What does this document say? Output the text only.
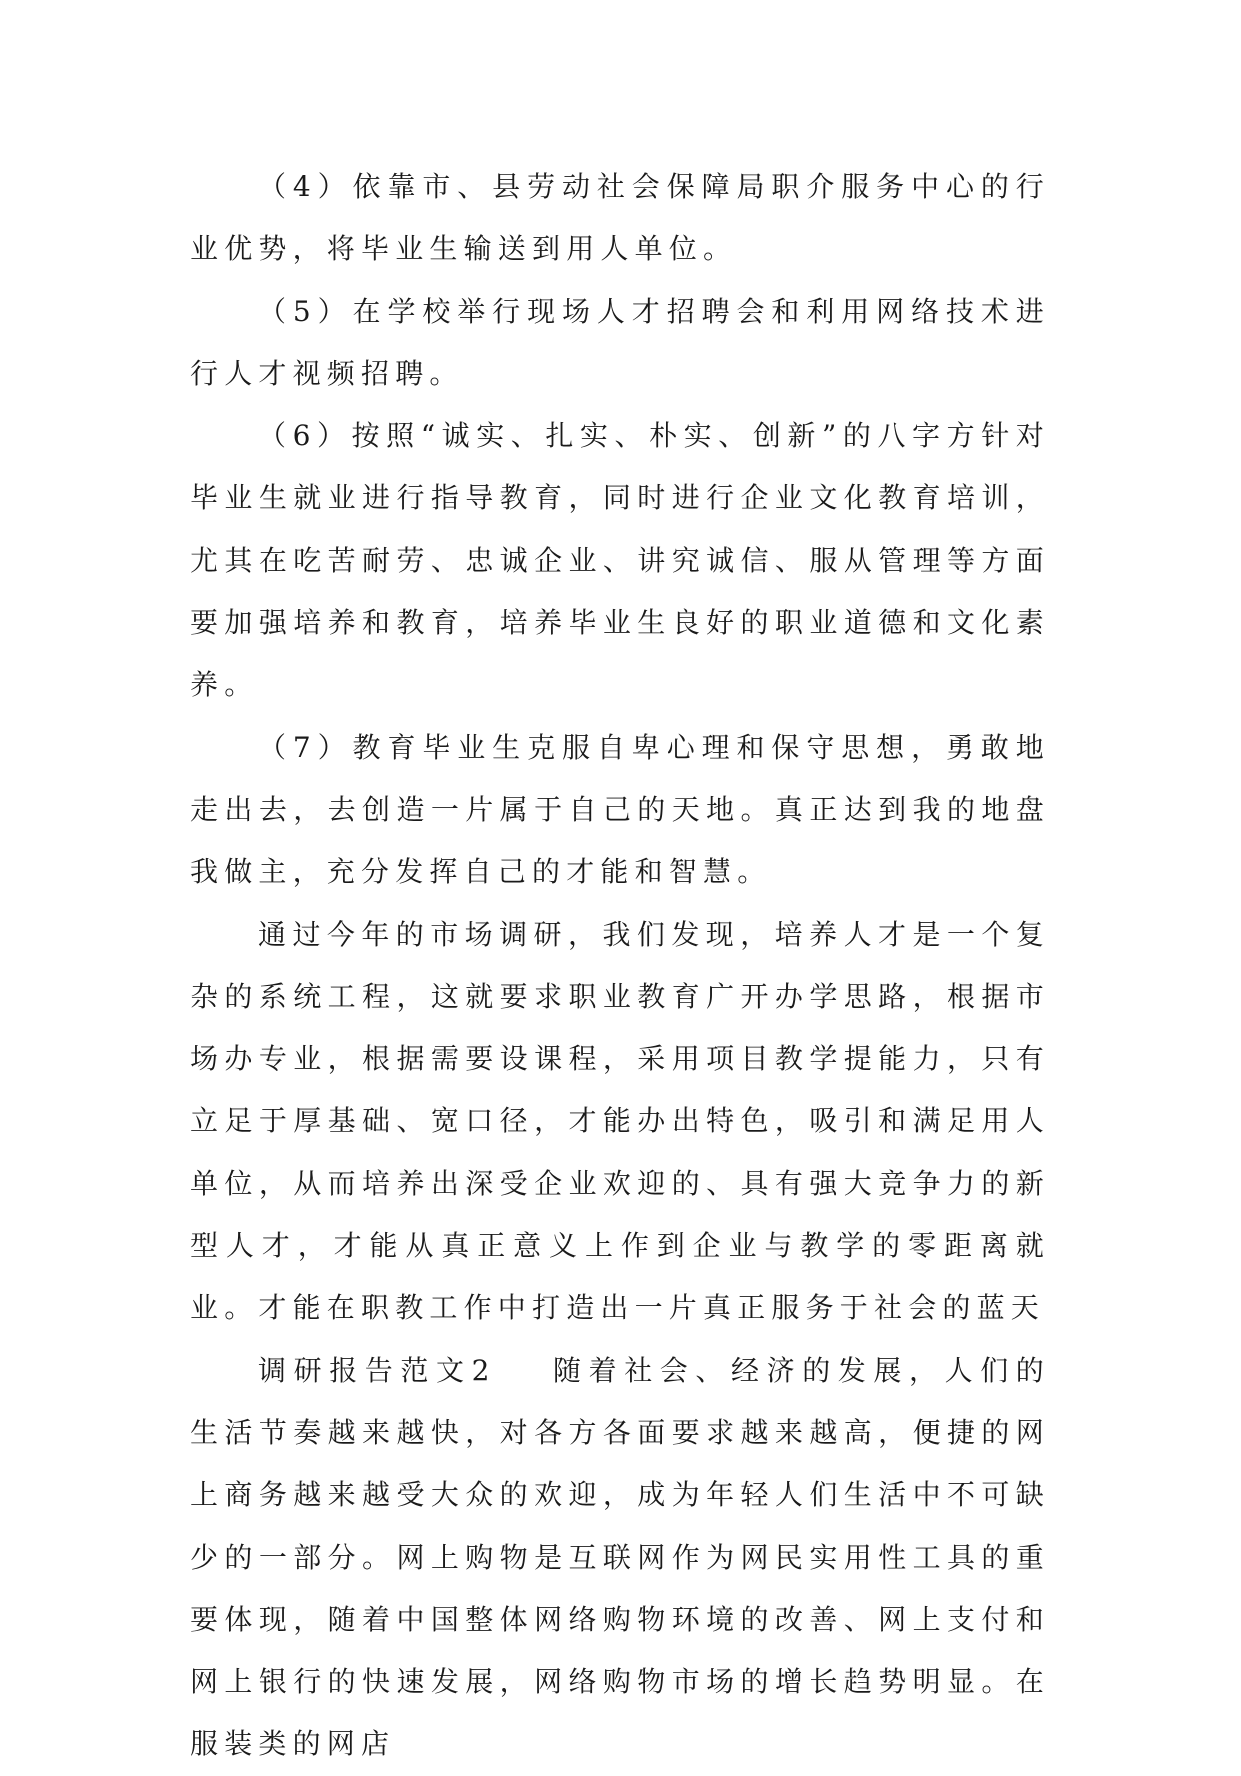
（4）依靠市、县劳动社会保障局职介服务中心的行业优势，将毕业生输送到用人单位。

（5）在学校举行现场人才招聘会和利用网络技术进行人才视频招聘。

（6）按照“诚实、扎实、朴实、创新”的八字方针对毕业生就业进行指导教育，同时进行企业文化教育培训，尤其在吃苦耐劳、忠诚企业、讲究诚信、服从管理等方面要加强培养和教育，培养毕业生良好的职业道德和文化素养。

（7）教育毕业生克服自卑心理和保守思想，勇敢地走出去，去创造一片属于自己的天地。真正达到我的地盘我做主，充分发挥自己的才能和智慧。

通过今年的市场调研，我们发现，培养人才是一个复杂的系统工程，这就要求职业教育广开办学思路，根据市场办专业，根据需要设课程，采用项目教学提能力，只有立足于厚基础、宽口径，才能办出特色，吸引和满足用人单位，从而培养出深受企业欢迎的、具有强大竞争力的新型人才，才能从真正意义上作到企业与教学的零距离就业。才能在职教工作中打造出一片真正服务于社会的蓝天

调研报告范文2 随着社会、经济的发展，人们的生活节奏越来越快，对各方各面要求越来越高，便捷的网上商务越来越受大众的欢迎，成为年轻人们生活中不可缺少的一部分。网上购物是互联网作为网民实用性工具的重要体现，随着中国整体网络购物环境的改善、网上支付和网上银行的快速发展，网络购物市场的增长趋势明显。在服装类的网店
